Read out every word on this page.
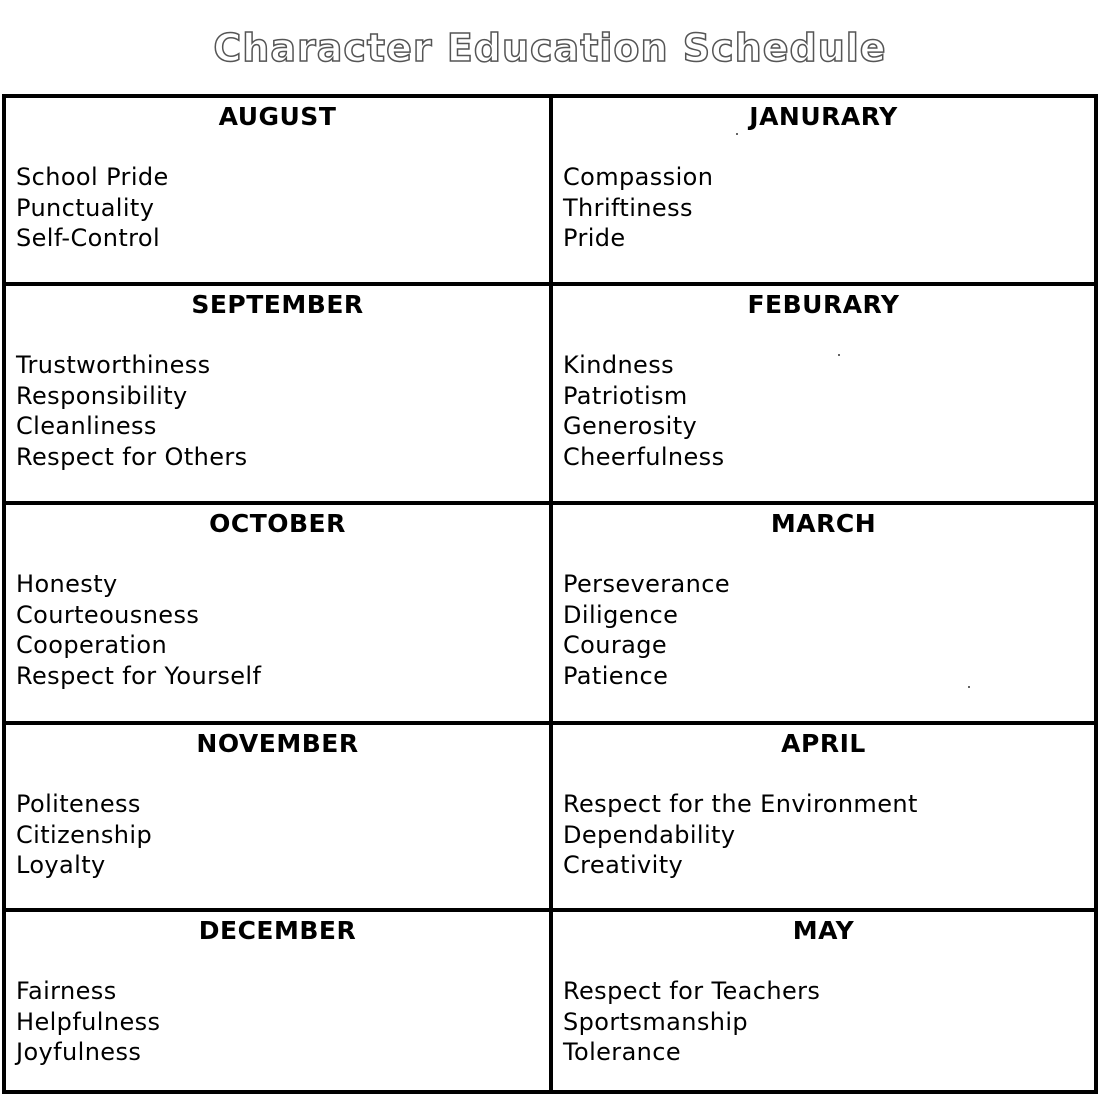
Character Education Schedule
AUGUST
School Pride
Punctuality
Self-Control
JANURARY
Compassion
Thriftiness
Pride
SEPTEMBER
Trustworthiness
Responsibility
Cleanliness
Respect for Others
FEBURARY
Kindness
Patriotism
Generosity
Cheerfulness
OCTOBER
Honesty
Courteousness
Cooperation
Respect for Yourself
MARCH
Perseverance
Diligence
Courage
Patience
NOVEMBER
Politeness
Citizenship
Loyalty
APRIL
Respect for the Environment
Dependability
Creativity
DECEMBER
Fairness
Helpfulness
Joyfulness
MAY
Respect for Teachers
Sportsmanship
Tolerance
